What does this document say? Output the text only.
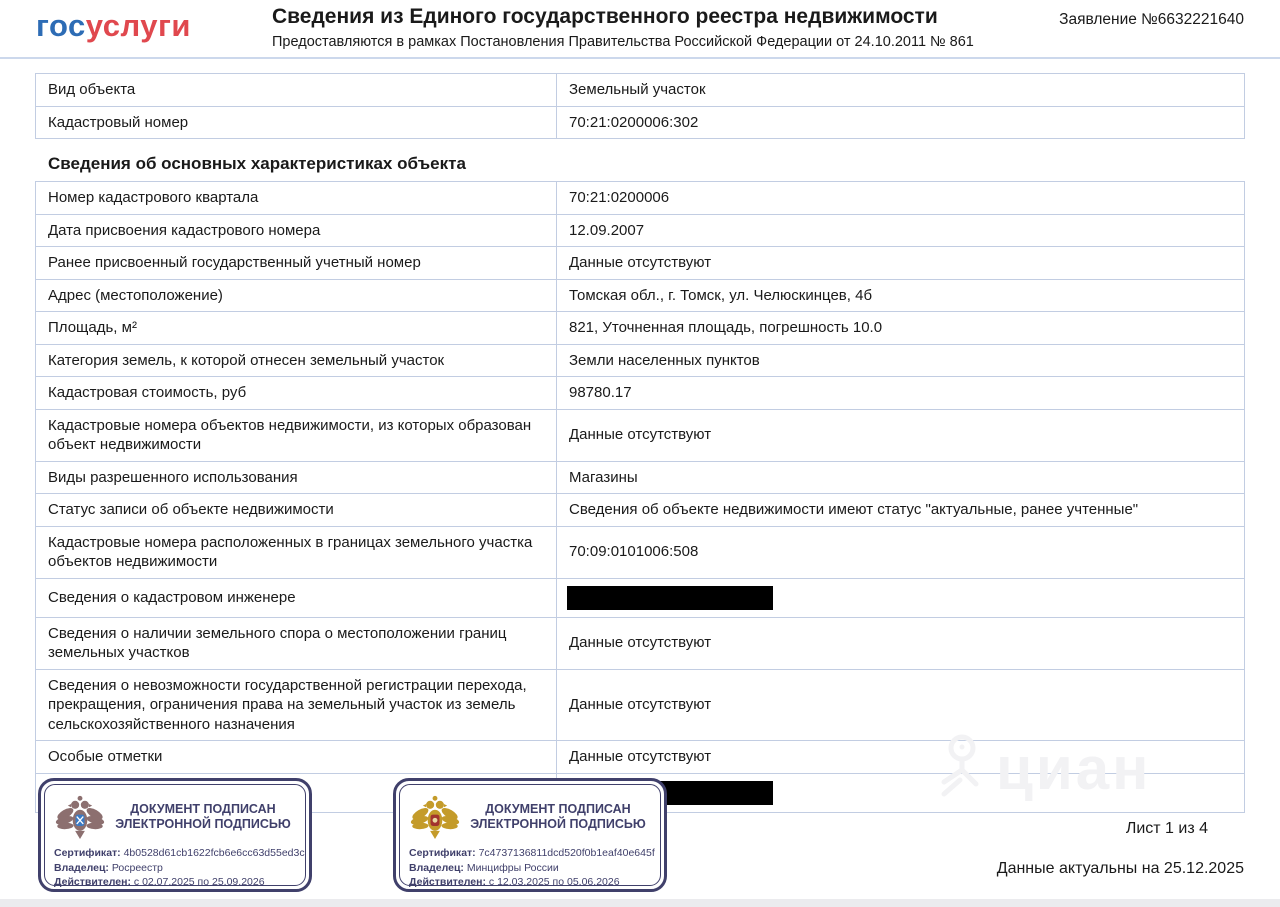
госуслуги	Сведения из Единого государственного реестра недвижимости
Предоставляются в рамках Постановления Правительства Российской Федерации от 24.10.2011 № 861
Заявление №6632221640
Вид объекта	Земельный участок
Кадастровый номер	70:21:0200006:302
Сведения об основных характеристиках объекта
Номер кадастрового квартала	70:21:0200006
Дата присвоения кадастрового номера	12.09.2007
Ранее присвоенный государственный учетный номер	Данные отсутствуют
Адрес (местоположение)	Томская обл., г. Томск, ул. Челюскинцев, 4б
Площадь, м²	821, Уточненная площадь, погрешность 10.0
Категория земель, к которой отнесен земельный участок	Земли населенных пунктов
Кадастровая стоимость, руб	98780.17
Кадастровые номера объектов недвижимости, из которых образован объект недвижимости	Данные отсутствуют
Виды разрешенного использования	Магазины
Статус записи об объекте недвижимости	Сведения об объекте недвижимости имеют статус "актуальные, ранее учтенные"
Кадастровые номера расположенных в границах земельного участка объектов недвижимости	70:09:0101006:508
Сведения о кадастровом инженере	

Сведения о наличии земельного спора о местоположении границ земельных участков	Данные отсутствуют
Сведения о невозможности государственной регистрации перехода, прекращения, ограничения права на земельный участок из земель сельскохозяйственного назначения	Данные отсутствуют
Особые отметки	Данные отсутствуют

ДОКУМЕНТ ПОДПИСАН ЭЛЕКТРОННОЙ ПОДПИСЬЮ
Сертификат: 4b0528d61cb1622fcb6e6cc63d55ed3c
Владелец: Росреестр
Действителен: с 02.07.2025 по 25.09.2026
ДОКУМЕНТ ПОДПИСАН ЭЛЕКТРОННОЙ ПОДПИСЬЮ
Сертификат: 7c4737136811dcd520f0b1eaf40e645f
Владелец: Минцифры России
Действителен: с 12.03.2025 по 05.06.2026
циан
Лист 1 из 4
Данные актуальны на 25.12.2025
